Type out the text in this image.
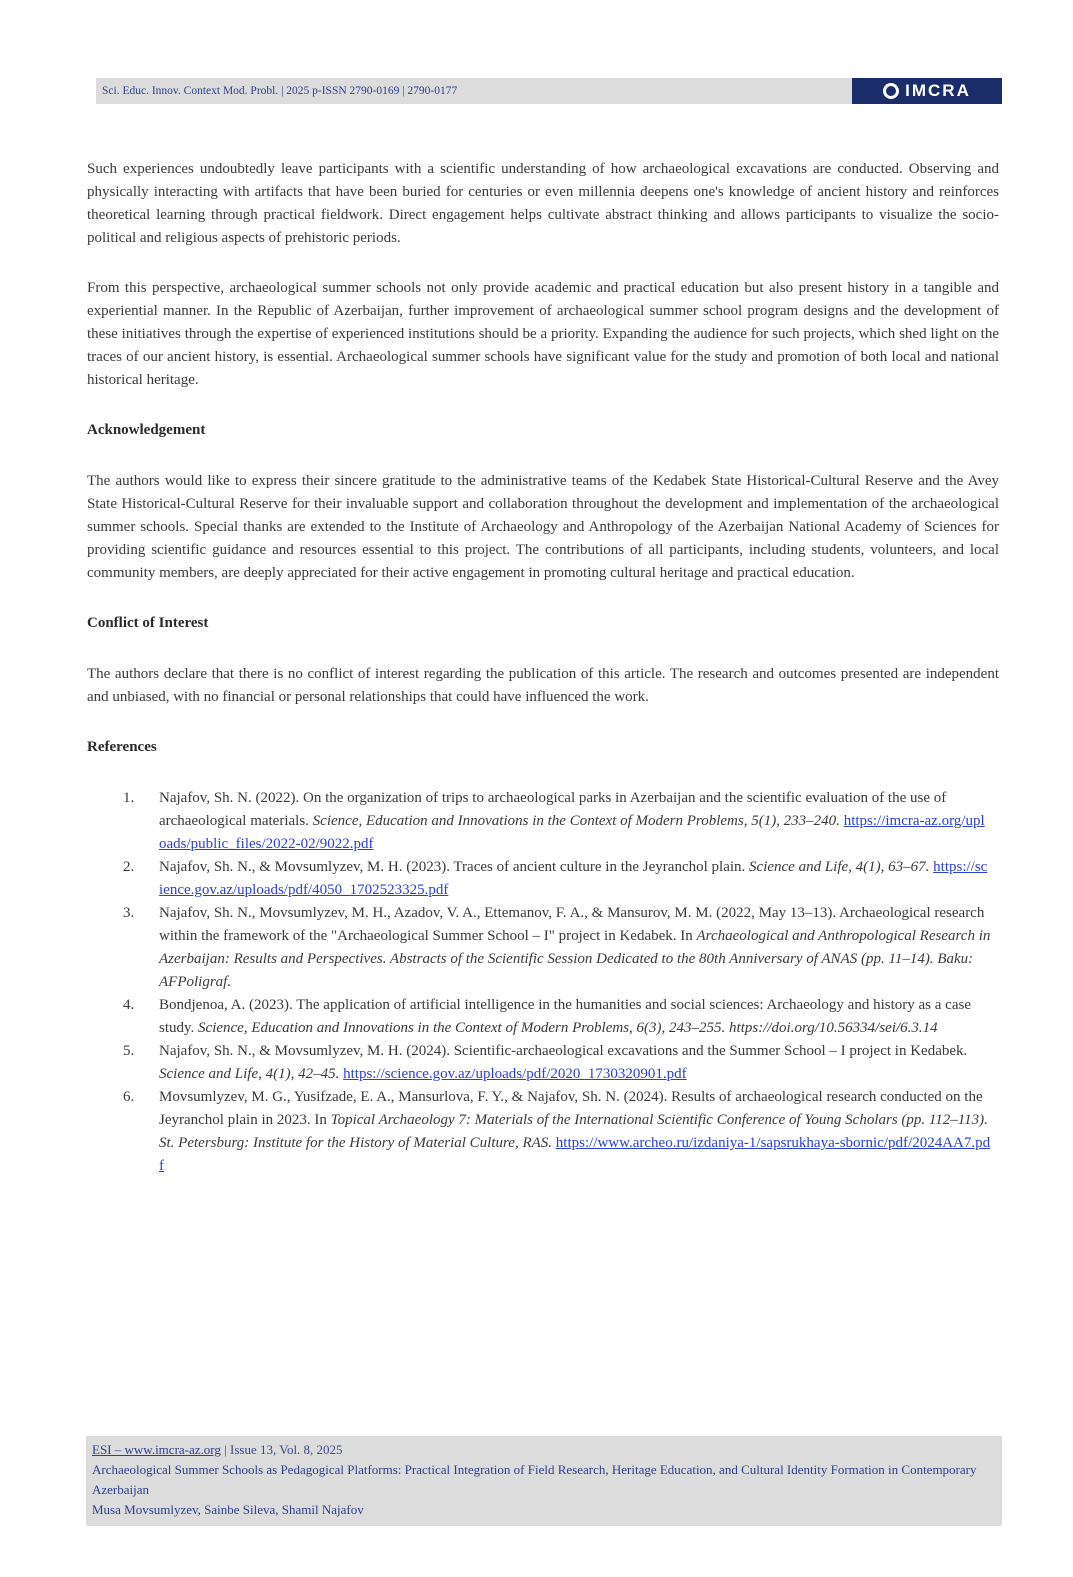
Sci. Educ. Innov. Context Mod. Probl. | 2025 p-ISSN 2790-0169 | 2790-0177	IMCRA

Such experiences undoubtedly leave participants with a scientific understanding of how archaeological excavations are conducted. Observing and physically interacting with artifacts that have been buried for centuries or even millennia deepens one's knowledge of ancient history and reinforces theoretical learning through practical fieldwork. Direct engagement helps cultivate abstract thinking and allows participants to visualize the socio-political and religious aspects of prehistoric periods.

From this perspective, archaeological summer schools not only provide academic and practical education but also present history in a tangible and experiential manner. In the Republic of Azerbaijan, further improvement of archaeological summer school program designs and the development of these initiatives through the expertise of experienced institutions should be a priority. Expanding the audience for such projects, which shed light on the traces of our ancient history, is essential. Archaeological summer schools have significant value for the study and promotion of both local and national historical heritage.

Acknowledgement

The authors would like to express their sincere gratitude to the administrative teams of the Kedabek State Historical-Cultural Reserve and the Avey State Historical-Cultural Reserve for their invaluable support and collaboration throughout the development and implementation of the archaeological summer schools. Special thanks are extended to the Institute of Archaeology and Anthropology of the Azerbaijan National Academy of Sciences for providing scientific guidance and resources essential to this project. The contributions of all participants, including students, volunteers, and local community members, are deeply appreciated for their active engagement in promoting cultural heritage and practical education.

Conflict of Interest

The authors declare that there is no conflict of interest regarding the publication of this article. The research and outcomes presented are independent and unbiased, with no financial or personal relationships that could have influenced the work.

References
1. Najafov, Sh. N. (2022). On the organization of trips to archaeological parks in Azerbaijan and the scientific evaluation of the use of archaeological materials. Science, Education and Innovations in the Context of Modern Problems, 5(1), 233–240. https://imcra-az.org/uploads/public_files/2022-02/9022.pdf
2. Najafov, Sh. N., & Movsumlyzev, M. H. (2023). Traces of ancient culture in the Jeyranchol plain. Science and Life, 4(1), 63–67. https://science.gov.az/uploads/pdf/4050_1702523325.pdf
3. Najafov, Sh. N., Movsumlyzev, M. H., Azadov, V. A., Ettemanov, F. A., & Mansurov, M. M. (2022, May 13–13). Archaeological research within the framework of the "Archaeological Summer School – I" project in Kedabek. In Archaeological and Anthropological Research in Azerbaijan: Results and Perspectives. Abstracts of the Scientific Session Dedicated to the 80th Anniversary of ANAS (pp. 11–14). Baku: AFPoligraf.
4. Bondjenoa, A. (2023). The application of artificial intelligence in the humanities and social sciences: Archaeology and history as a case study. Science, Education and Innovations in the Context of Modern Problems, 6(3), 243–255. https://doi.org/10.56334/sei/6.3.14
5. Najafov, Sh. N., & Movsumlyzev, M. H. (2024). Scientific-archaeological excavations and the Summer School – I project in Kedabek. Science and Life, 4(1), 42–45. https://science.gov.az/uploads/pdf/2020_1730320901.pdf
6. Movsumlyzev, M. G., Yusifzade, E. A., Mansurlova, F. Y., & Najafov, Sh. N. (2024). Results of archaeological research conducted on the Jeyranchol plain in 2023. In Topical Archaeology 7: Materials of the International Scientific Conference of Young Scholars (pp. 112–113). St. Petersburg: Institute for the History of Material Culture, RAS. https://www.archeo.ru/izdaniya-1/sapsrukhaya-sbornic/pdf/2024AA7.pdf
ESI – www.imcra-az.org | Issue 13, Vol. 8, 2025
Archaeological Summer Schools as Pedagogical Platforms: Practical Integration of Field Research, Heritage Education, and Cultural Identity Formation in Contemporary Azerbaijan
Musa Movsumlyzev, Sainbe Sileva, Shamil Najafov
